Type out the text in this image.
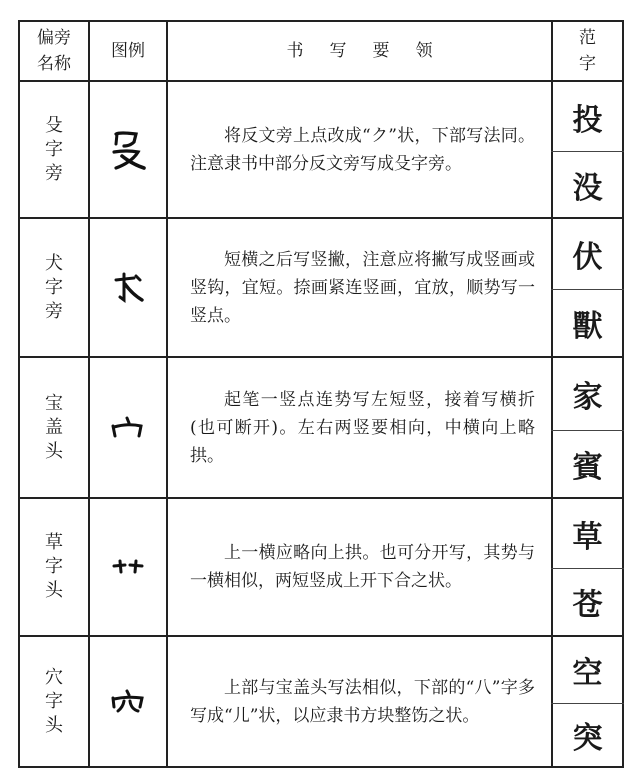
偏旁
名称
图例	书写要领
范字
殳
字
旁

将反文旁上点改成“ク”状，下部写法同。注意隶书中部分反文旁写成殳字旁。

投
没
犬
字
旁

短横之后写竖撇，注意应将撇写成竖画或竖钩，宜短。捺画紧连竖画，宜放，顺势写一竖点。

伏
獸
宝
盖
头

起笔一竖点连势写左短竖，接着写横折(也可断开)。左右两竖要相向，中横向上略拱。

家
賓
草
字
头

上一横应略向上拱。也可分开写，其势与一横相似，两短竖成上开下合之状。

草
苍
穴
字
头

上部与宝盖头写法相似，下部的“八”字多写成“儿”状，以应隶书方块整饬之状。

空
突
